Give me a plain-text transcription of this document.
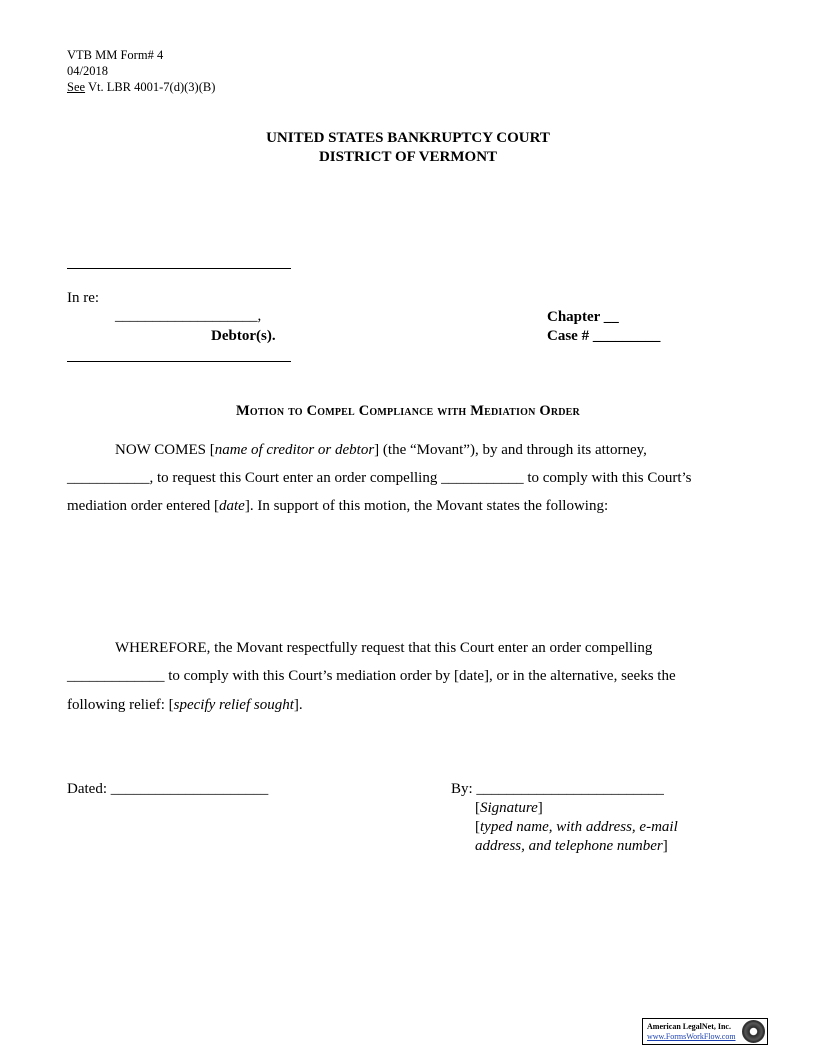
VTB MM Form# 4
04/2018
See Vt. LBR 4001-7(d)(3)(B)
UNITED STATES BANKRUPTCY COURT
DISTRICT OF VERMONT
In re:
___________________,
Debtor(s).
Chapter __
Case # _________
Motion to Compel Compliance with Mediation Order
NOW COMES [name of creditor or debtor] (the “Movant”), by and through its attorney,
___________, to request this Court enter an order compelling ___________ to comply with this Court’s
mediation order entered [date]. In support of this motion, the Movant states the following:
WHEREFORE, the Movant respectfully request that this Court enter an order compelling
_____________ to comply with this Court’s mediation order by [date], or in the alternative, seeks the
following relief: [specify relief sought].
Dated: _____________________	By: _________________________
[Signature]
[typed name, with address, e-mail
address, and telephone number]
American LegalNet, Inc.
www.FormsWorkFlow.com
